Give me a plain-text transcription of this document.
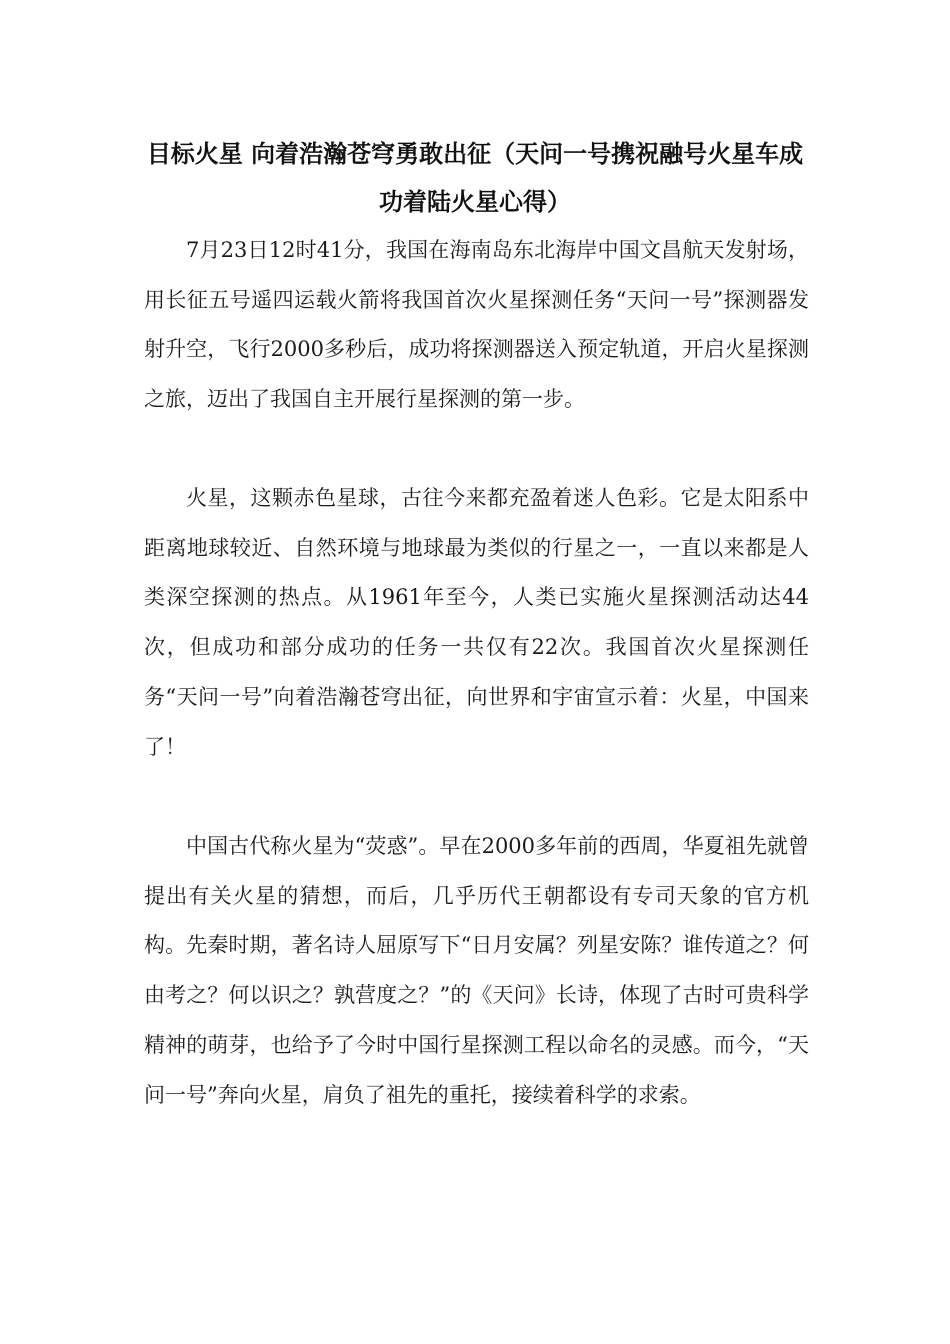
目标火星 向着浩瀚苍穹勇敢出征（天问一号携祝融号火星车成功着陆火星心得）

7月23日12时41分，我国在海南岛东北海岸中国文昌航天发射场，用长征五号遥四运载火箭将我国首次火星探测任务“天问一号”探测器发射升空，飞行2000多秒后，成功将探测器送入预定轨道，开启火星探测之旅，迈出了我国自主开展行星探测的第一步。

火星，这颗赤色星球，古往今来都充盈着迷人色彩。它是太阳系中距离地球较近、自然环境与地球最为类似的行星之一，一直以来都是人类深空探测的热点。从1961年至今，人类已实施火星探测活动达44次，但成功和部分成功的任务一共仅有22次。我国首次火星探测任务“天问一号”向着浩瀚苍穹出征，向世界和宇宙宣示着：火星，中国来了！

中国古代称火星为“荧惑”。早在2000多年前的西周，华夏祖先就曾提出有关火星的猜想，而后，几乎历代王朝都设有专司天象的官方机构。先秦时期，著名诗人屈原写下“日月安属？列星安陈？谁传道之？何由考之？何以识之？孰营度之？”的《天问》长诗，体现了古时可贵科学精神的萌芽，也给予了今时中国行星探测工程以命名的灵感。而今，“天问一号”奔向火星，肩负了祖先的重托，接续着科学的求索。
